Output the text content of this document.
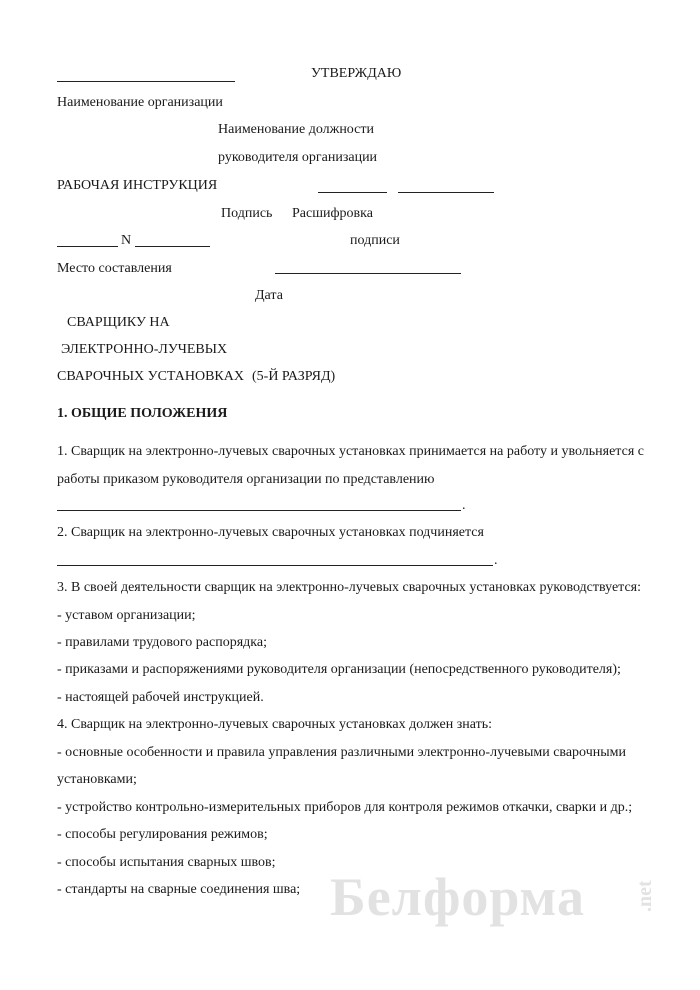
УТВЕРЖДАЮ
Наименование организации
Наименование должности
руководителя организации
РАБОЧАЯ ИНСТРУКЦИЯ
Подпись Расшифровка
N	подписи
Место составления
Дата
СВАРЩИКУ НА
ЭЛЕКТРОННО-ЛУЧЕВЫХ
СВАРОЧНЫХ УСТАНОВКАХ (5-Й РАЗРЯД)
1. ОБЩИЕ ПОЛОЖЕНИЯ
1. Сварщик на электронно-лучевых сварочных установках принимается на работу и увольняется с
работы приказом руководителя организации по представлению
.
2. Сварщик на электронно-лучевых сварочных установках подчиняется
.
3. В своей деятельности сварщик на электронно-лучевых сварочных установках руководствуется:
- уставом организации;
- правилами трудового распорядка;
- приказами и распоряжениями руководителя организации (непосредственного руководителя);
- настоящей рабочей инструкцией.
4. Сварщик на электронно-лучевых сварочных установках должен знать:
- основные особенности и правила управления различными электронно-лучевыми сварочными
установками;
- устройство контрольно-измерительных приборов для контроля режимов откачки, сварки и др.;
- способы регулирования режимов;
- способы испытания сварных швов;
- стандарты на сварные соединения шва; Белформа .net
